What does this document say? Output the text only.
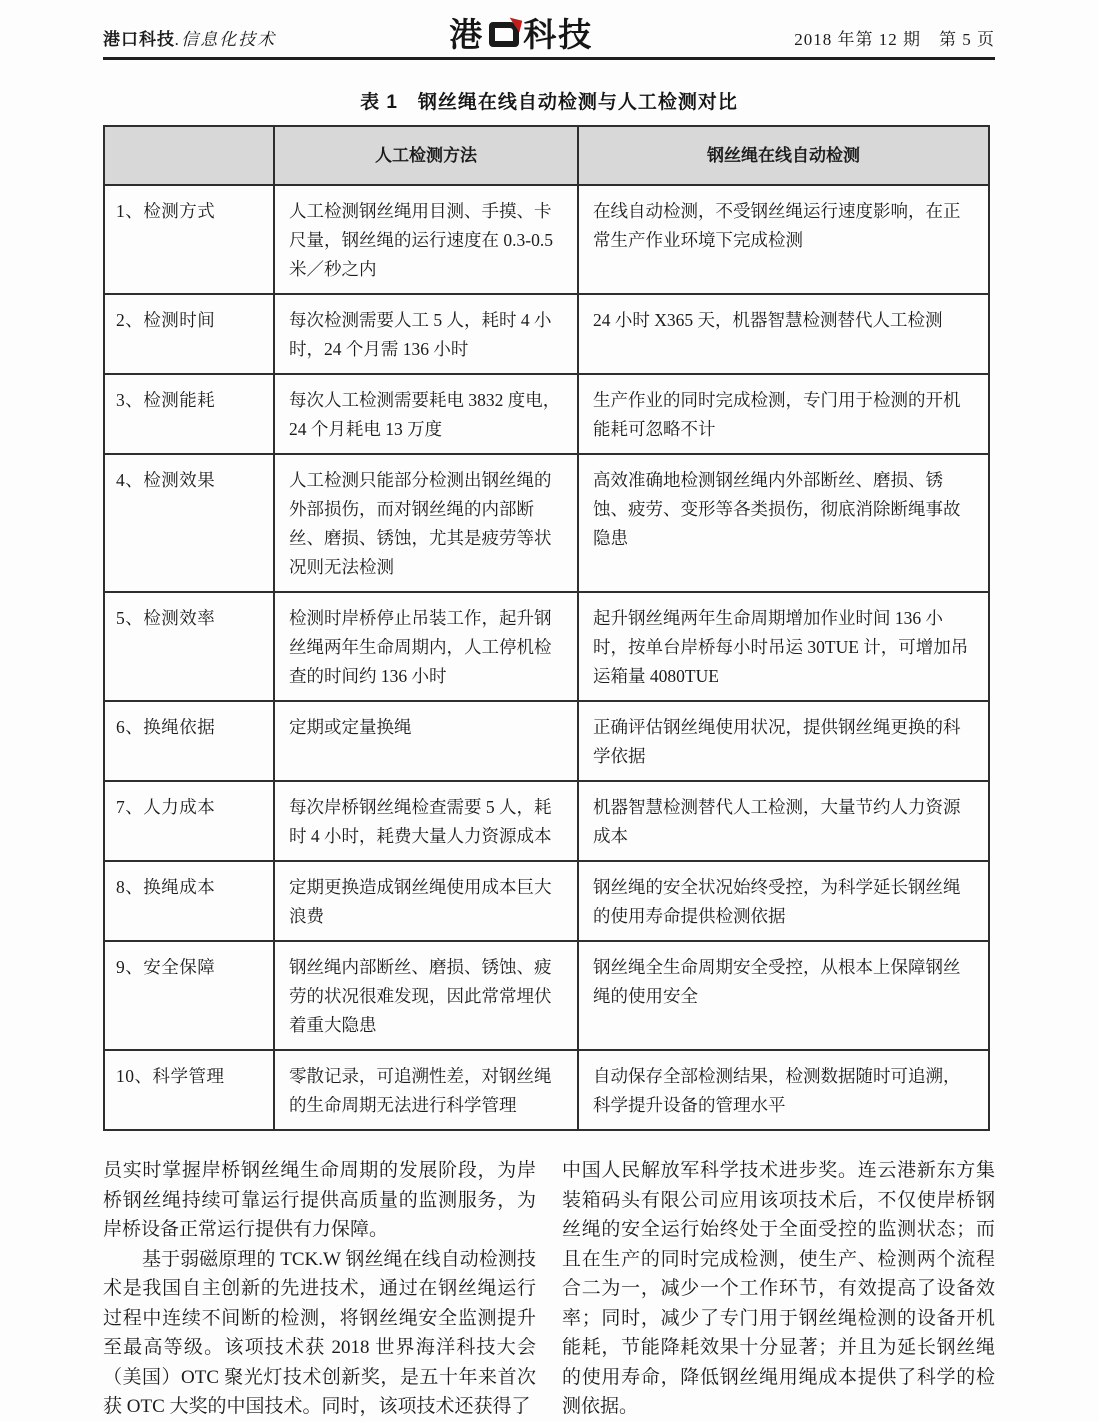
港口科技.信息化技术	港 科技	2018 年第 12 期　第 5 页
表 1　钢丝绳在线自动检测与人工检测对比
	人工检测方法	钢丝绳在线自动检测
1、检测方式	人工检测钢丝绳用目测、手摸、卡尺量，钢丝绳的运行速度在 0.3-0.5 米／秒之内	在线自动检测，不受钢丝绳运行速度影响，在正常生产作业环境下完成检测
2、检测时间	每次检测需要人工 5 人，耗时 4 小时，24 个月需 136 小时	24 小时 X365 天，机器智慧检测替代人工检测
3、检测能耗	每次人工检测需要耗电 3832 度电，24 个月耗电 13 万度	生产作业的同时完成检测，专门用于检测的开机能耗可忽略不计
4、检测效果	人工检测只能部分检测出钢丝绳的外部损伤，而对钢丝绳的内部断丝、磨损、锈蚀，尤其是疲劳等状况则无法检测	高效准确地检测钢丝绳内外部断丝、磨损、锈蚀、疲劳、变形等各类损伤，彻底消除断绳事故隐患
5、检测效率	检测时岸桥停止吊装工作，起升钢丝绳两年生命周期内，人工停机检查的时间约 136 小时	起升钢丝绳两年生命周期增加作业时间 136 小时，按单台岸桥每小时吊运 30TUE 计，可增加吊运箱量 4080TUE
6、换绳依据	定期或定量换绳	正确评估钢丝绳使用状况，提供钢丝绳更换的科学依据
7、人力成本	每次岸桥钢丝绳检查需要 5 人，耗时 4 小时，耗费大量人力资源成本	机器智慧检测替代人工检测，大量节约人力资源成本
8、换绳成本	定期更换造成钢丝绳使用成本巨大浪费	钢丝绳的安全状况始终受控，为科学延长钢丝绳的使用寿命提供检测依据
9、安全保障	钢丝绳内部断丝、磨损、锈蚀、疲劳的状况很难发现，因此常常埋伏着重大隐患	钢丝绳全生命周期安全受控，从根本上保障钢丝绳的使用安全
10、科学管理	零散记录，可追溯性差，对钢丝绳的生命周期无法进行科学管理	自动保存全部检测结果，检测数据随时可追溯，科学提升设备的管理水平

员实时掌握岸桥钢丝绳生命周期的发展阶段，为岸桥钢丝绳持续可靠运行提供高质量的监测服务，为岸桥设备正常运行提供有力保障。

基于弱磁原理的 TCK.W 钢丝绳在线自动检测技术是我国自主创新的先进技术，通过在钢丝绳运行过程中连续不间断的检测，将钢丝绳安全监测提升至最高等级。该项技术获 2018 世界海洋科技大会（美国）OTC 聚光灯技术创新奖，是五十年来首次获 OTC 大奖的中国技术。同时，该项技术还获得了

中国人民解放军科学技术进步奖。连云港新东方集装箱码头有限公司应用该项技术后，不仅使岸桥钢丝绳的安全运行始终处于全面受控的监测状态；而且在生产的同时完成检测，使生产、检测两个流程合二为一，减少一个工作环节，有效提高了设备效率；同时，减少了专门用于钢丝绳检测的设备开机能耗，节能降耗效果十分显著；并且为延长钢丝绳的使用寿命，降低钢丝绳用绳成本提供了科学的检测依据。
